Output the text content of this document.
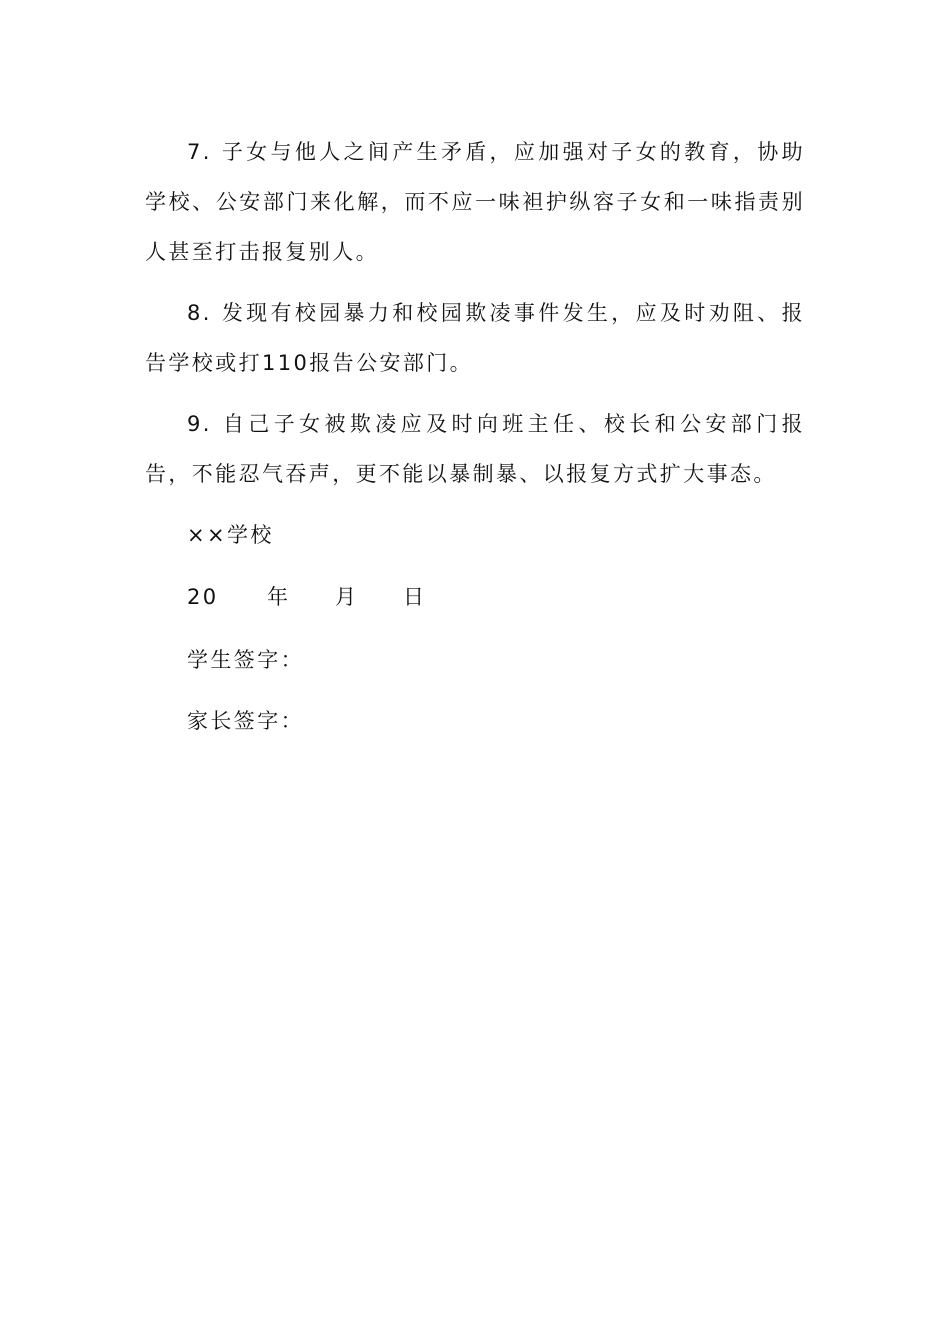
7. 子女与他人之间产生矛盾，应加强对子女的教育，协助学校、公安部门来化解，而不应一味袒护纵容子女和一味指责别人甚至打击报复别人。

8. 发现有校园暴力和校园欺凌事件发生，应及时劝阻、报告学校或打110报告公安部门。

9. 自己子女被欺凌应及时向班主任、校长和公安部门报告，不能忍气吞声，更不能以暴制暴、以报复方式扩大事态。

××学校

20 年 月 日

学生签字：

家长签字：
